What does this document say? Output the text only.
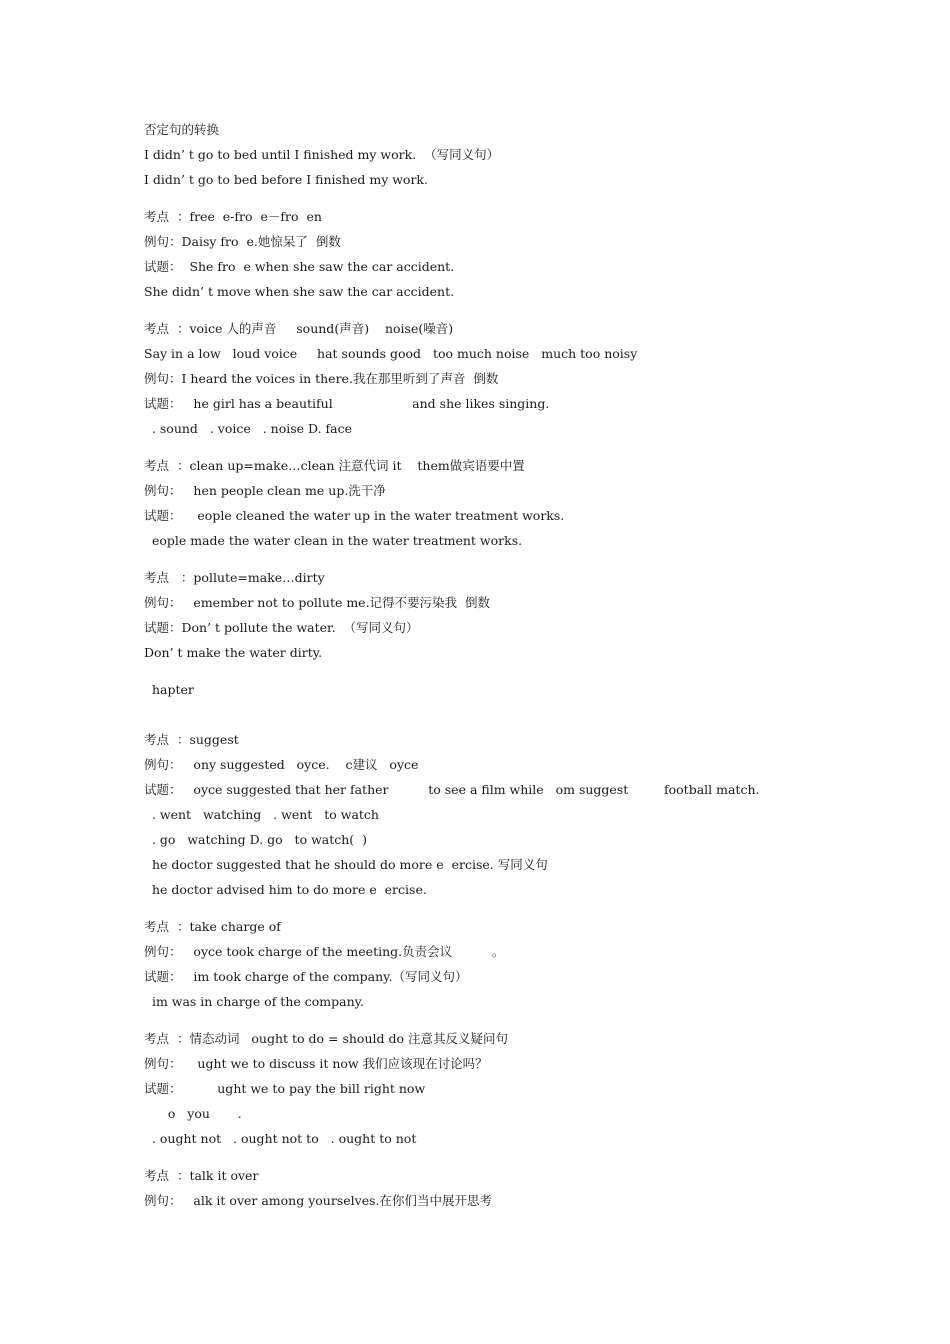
否定句的转换
I didn’ t go to bed until I finished my work.  （写同义句）
I didn’ t go to bed before I finished my work.
考点  ：free  e-fro  e－fro  en
例句：Daisy fro  e.她惊呆了  倒数
试题：  She fro  e when she saw the car accident.
She didn’ t move when she saw the car accident.
考点  ：voice 人的声音     sound(声音)    noise(噪音)
Say in a low   loud voice     hat sounds good   too much noise   much too noisy
例句：I heard the voices in there.我在那里听到了声音  倒数
试题：   he girl has a beautiful                    and she likes singing.
. sound   . voice   . noise D. face
考点  ：clean up=make…clean 注意代词 it    them做宾语要中置
例句：   hen people clean me up.洗干净
试题：    eople cleaned the water up in the water treatment works.
eople made the water clean in the water treatment works.
考点   ：pollute=make…dirty
例句：   emember not to pollute me.记得不要污染我  倒数
试题：Don’ t pollute the water.  （写同义句）
Don’ t make the water dirty.
hapter
考点  ：suggest
例句：   ony suggested   oyce.    c建议   oyce
试题：   oyce suggested that her father          to see a film while   om suggest         football match.
. went   watching   . went   to watch
. go   watching D. go   to watch(  )
he doctor suggested that he should do more e  ercise. 写同义句
he doctor advised him to do more e  ercise.
考点  ：take charge of
例句：   oyce took charge of the meeting.负责会议          。
试题：   im took charge of the company.（写同义句）
im was in charge of the company.
考点  ：情态动词   ought to do = should do 注意其反义疑问句
例句：    ught we to discuss it now 我们应该现在讨论吗？
试题：         ught we to pay the bill right now
o   you       .
. ought not   . ought not to   . ought to not
考点  ：talk it over
例句：   alk it over among yourselves.在你们当中展开思考
